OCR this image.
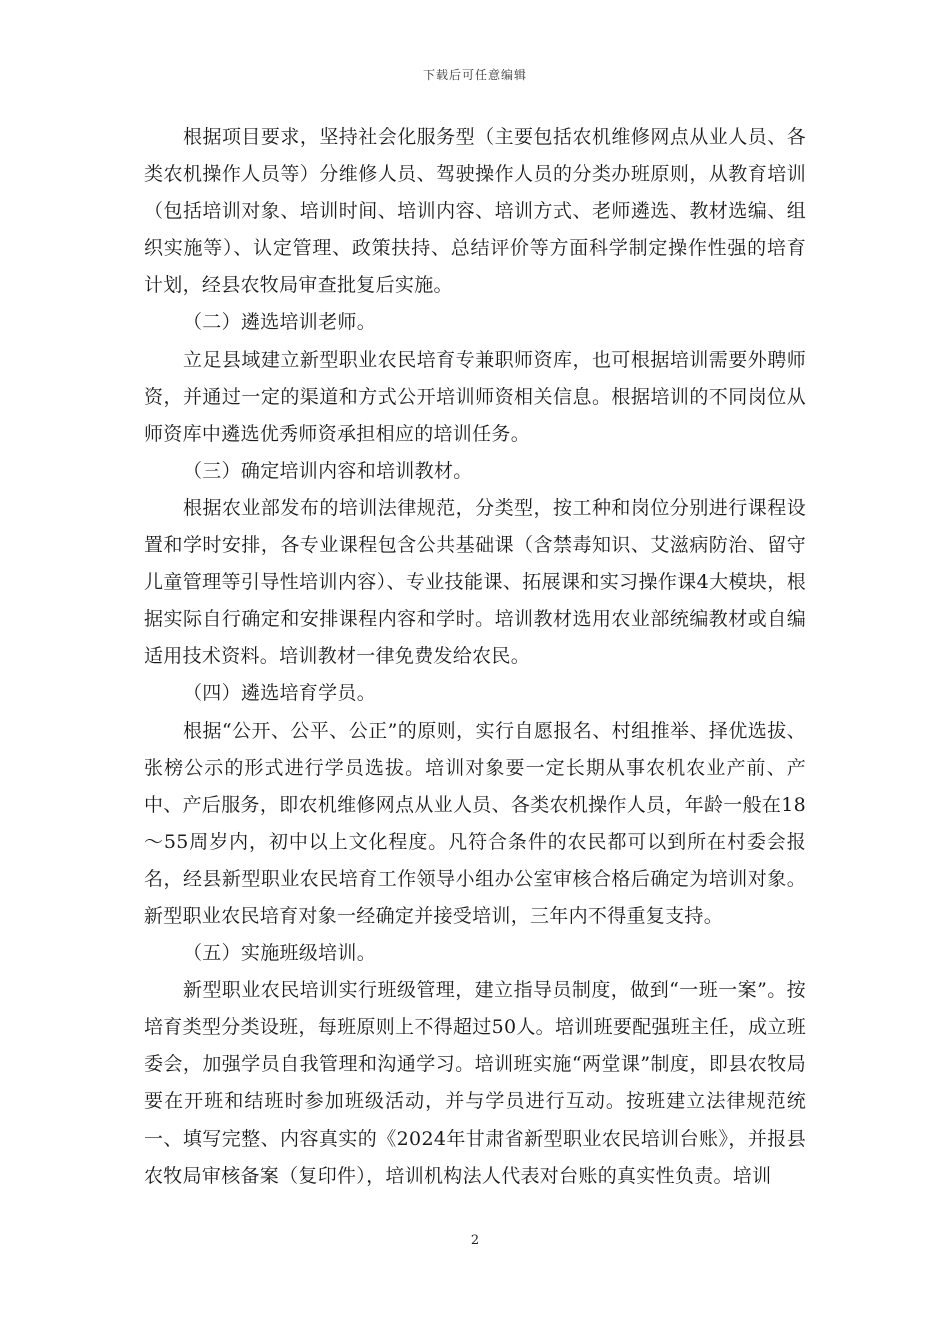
下载后可任意编辑

根据项目要求，坚持社会化服务型（主要包括农机维修网点从业人员、各类农机操作人员等）分维修人员、驾驶操作人员的分类办班原则，从教育培训（包括培训对象、培训时间、培训内容、培训方式、老师遴选、教材选编、组织实施等）、认定管理、政策扶持、总结评价等方面科学制定操作性强的培育计划，经县农牧局审查批复后实施。

（二）遴选培训老师。

立足县域建立新型职业农民培育专兼职师资库，也可根据培训需要外聘师资，并通过一定的渠道和方式公开培训师资相关信息。根据培训的不同岗位从师资库中遴选优秀师资承担相应的培训任务。

（三）确定培训内容和培训教材。

根据农业部发布的培训法律规范，分类型，按工种和岗位分别进行课程设置和学时安排，各专业课程包含公共基础课（含禁毒知识、艾滋病防治、留守儿童管理等引导性培训内容）、专业技能课、拓展课和实习操作课4大模块，根据实际自行确定和安排课程内容和学时。培训教材选用农业部统编教材或自编适用技术资料。培训教材一律免费发给农民。

（四）遴选培育学员。

根据“公开、公平、公正”的原则，实行自愿报名、村组推举、择优选拔、张榜公示的形式进行学员选拔。培训对象要一定长期从事农机农业产前、产中、产后服务，即农机维修网点从业人员、各类农机操作人员，年龄一般在18～55周岁内，初中以上文化程度。凡符合条件的农民都可以到所在村委会报名，经县新型职业农民培育工作领导小组办公室审核合格后确定为培训对象。新型职业农民培育对象一经确定并接受培训，三年内不得重复支持。

（五）实施班级培训。

新型职业农民培训实行班级管理，建立指导员制度，做到“一班一案”。按培育类型分类设班，每班原则上不得超过50人。培训班要配强班主任，成立班委会，加强学员自我管理和沟通学习。培训班实施“两堂课”制度，即县农牧局要在开班和结班时参加班级活动，并与学员进行互动。按班建立法律规范统一、填写完整、内容真实的《2024年甘肃省新型职业农民培训台账》，并报县农牧局审核备案（复印件），培训机构法人代表对台账的真实性负责。培训

2
